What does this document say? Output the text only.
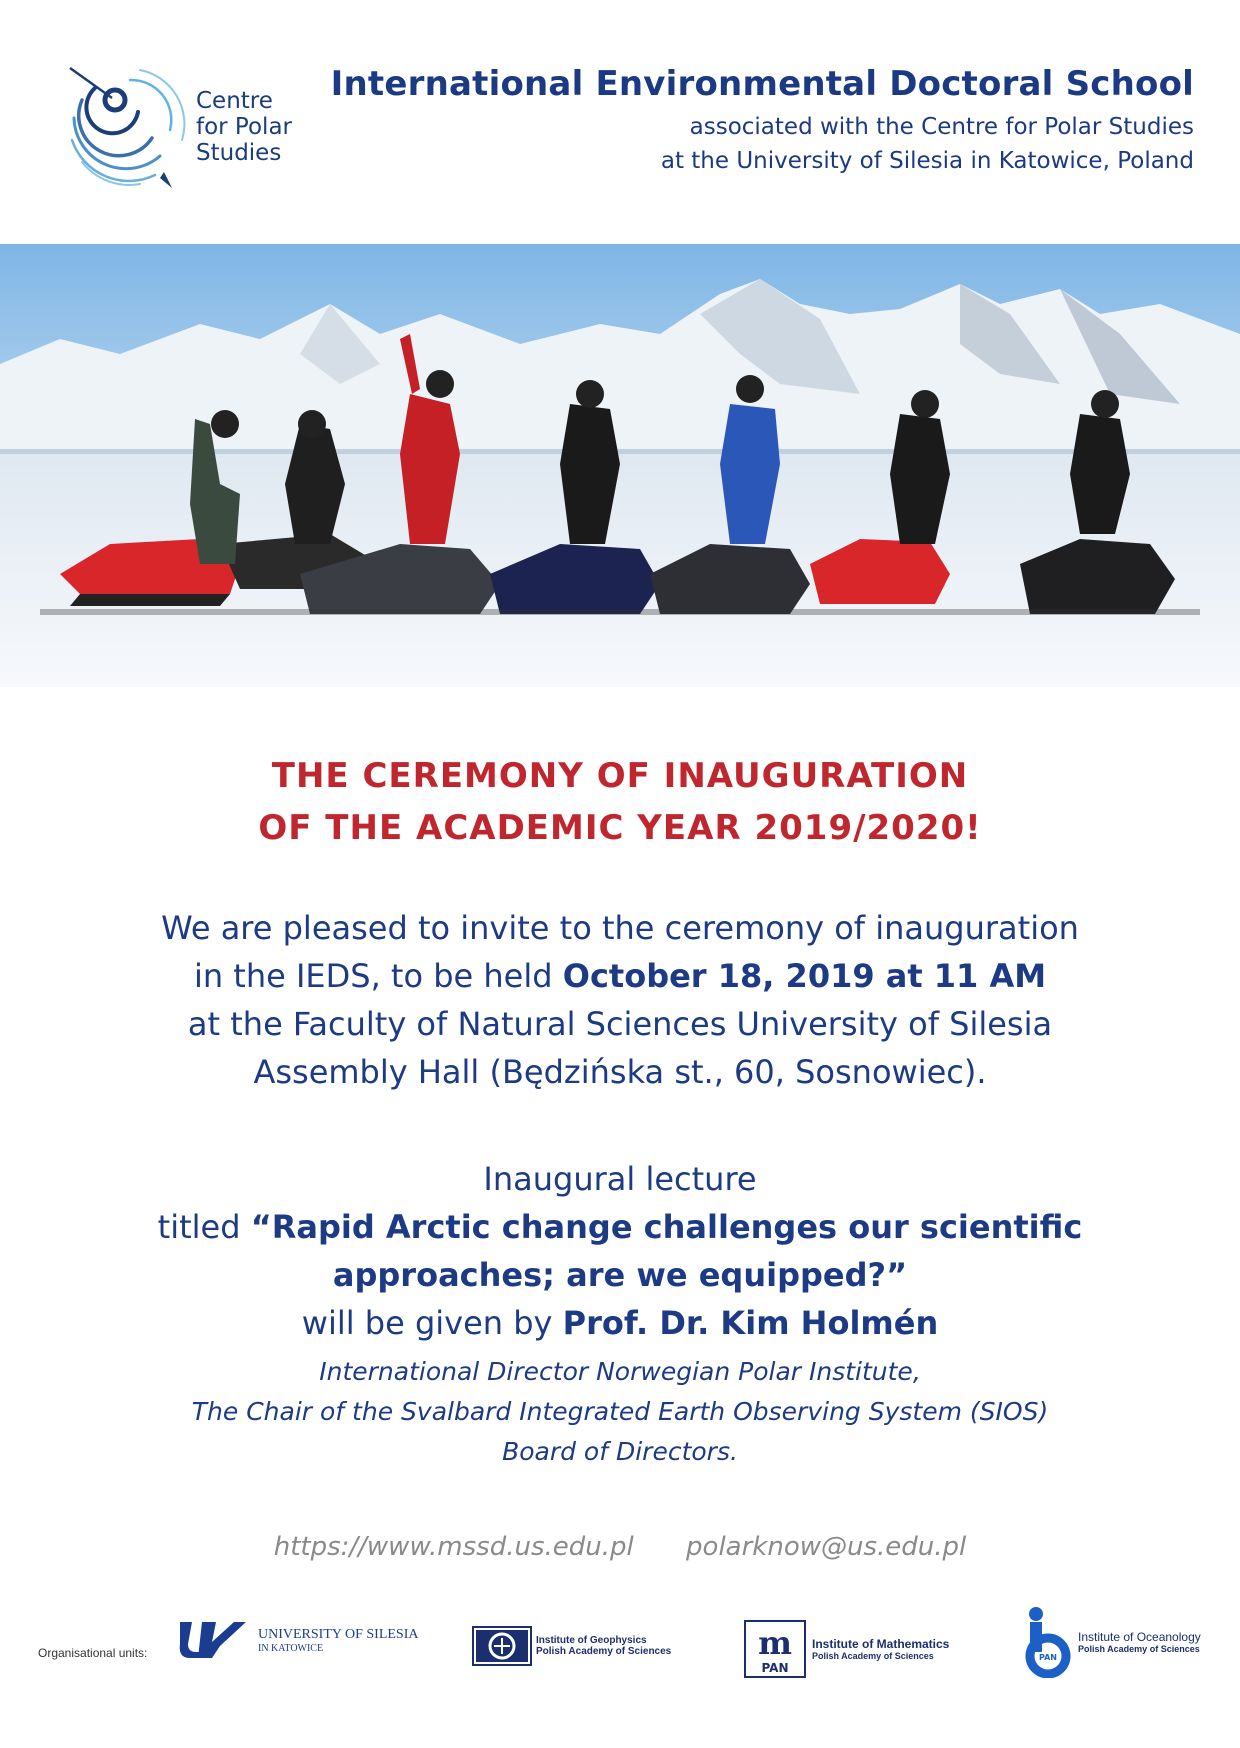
Centre
for Polar
Studies
International Environmental Doctoral School
associated with the Centre for Polar Studies
at the University of Silesia in Katowice, Poland
THE CEREMONY OF INAUGURATION
OF THE ACADEMIC YEAR 2019/2020!
We are pleased to invite to the ceremony of inauguration
in the IEDS, to be held October 18, 2019 at 11 AM
at the Faculty of Natural Sciences University of Silesia
Assembly Hall (Będzińska st., 60, Sosnowiec).
Inaugural lecture
titled “Rapid Arctic change challenges our scientific
approaches; are we equipped?”
will be given by Prof. Dr. Kim Holmén
International Director Norwegian Polar Institute,
The Chair of the Svalbard Integrated Earth Observing System (SIOS)
Board of Directors.
https://www.mssd.us.edu.pl polarknow@us.edu.pl
Organisational units:
UNIVERSITY OF SILESIA
IN KATOWICE
Institute of Geophysics
Polish Academy of Sciences	m
PAN
Institute of Mathematics
Polish Academy of Sciences	PAN
Institute of Oceanology
Polish Academy of Sciences
